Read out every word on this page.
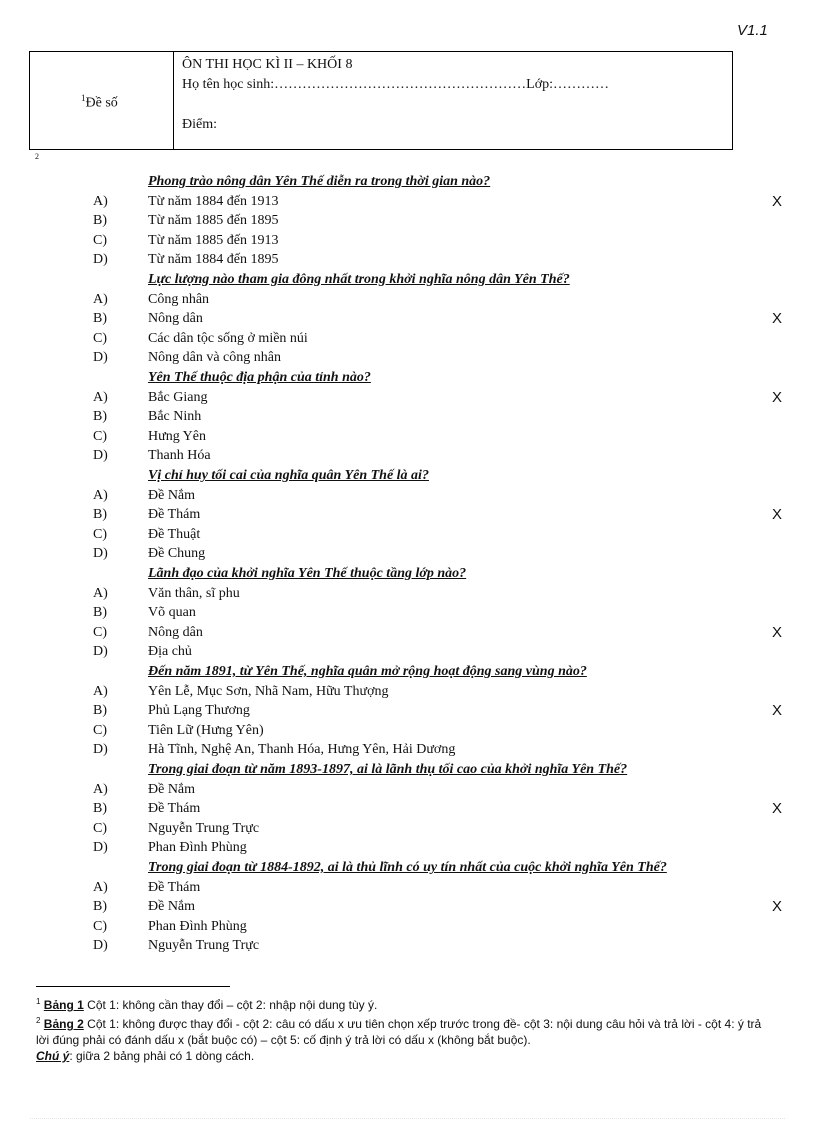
V1.1
$^1$Đề số
ÔN THI HỌC KÌ II – KHỐI 8
Họ tên học sinh:………………………………………………Lớp:…………
Điểm:
2
Phong trào nông dân Yên Thế diễn ra trong thời gian nào?
A)	Từ năm 1884 đến 1913	X
B)	Từ năm 1885 đến 1895
C)	Từ năm 1885 đến 1913
D)	Từ năm 1884 đến 1895
Lực lượng nào tham gia đông nhất trong khởi nghĩa nông dân Yên Thế?
A)	Công nhân
B)	Nông dân	X
C)	Các dân tộc sống ở miền núi
D)	Nông dân và công nhân
Yên Thế thuộc địa phận của tỉnh nào?
A)	Bắc Giang	X
B)	Bắc Ninh
C)	Hưng Yên
D)	Thanh Hóa
Vị chỉ huy tối cai của nghĩa quân Yên Thế là ai?
A)	Đề Nắm
B)	Đề Thám	X
C)	Đề Thuật
D)	Đề Chung
Lãnh đạo của khởi nghĩa Yên Thế thuộc tầng lớp nào?
A)	Văn thân, sĩ phu
B)	Võ quan
C)	Nông dân	X
D)	Địa chủ
Đến năm 1891, từ Yên Thế, nghĩa quân mở rộng hoạt động sang vùng nào?
A)	Yên Lễ, Mục Sơn, Nhã Nam, Hữu Thượng
B)	Phủ Lạng Thương	X
C)	Tiên Lữ (Hưng Yên)
D)	Hà Tĩnh, Nghệ An, Thanh Hóa, Hưng Yên, Hải Dương
Trong giai đoạn từ năm 1893-1897, ai là lãnh thụ tối cao của khởi nghĩa Yên Thế?
A)	Đề Nắm
B)	Đề Thám	X
C)	Nguyễn Trung Trực
D)	Phan Đình Phùng
Trong giai đoạn từ 1884-1892, ai là thủ lĩnh có uy tín nhất của cuộc khởi nghĩa Yên Thế?
A)	Đề Thám
B)	Đề Nắm	X
C)	Phan Đình Phùng
D)	Nguyễn Trung Trực

$^1$ Bảng 1 Cột 1: không cần thay đổi – cột 2: nhập nội dung tùy ý.

$^2$ Bảng 2 Cột 1: không được thay đổi - cột 2: câu có dấu x ưu tiên chọn xếp trước trong đề- cột 3: nội dung câu hỏi và trả lời - cột 4: ý trả lời đúng phải có đánh dấu x (bắt buộc có) – cột 5: cố định ý trả lời có dấu x (không bắt buộc).

Chú ý: giữa 2 bảng phải có 1 dòng cách.
